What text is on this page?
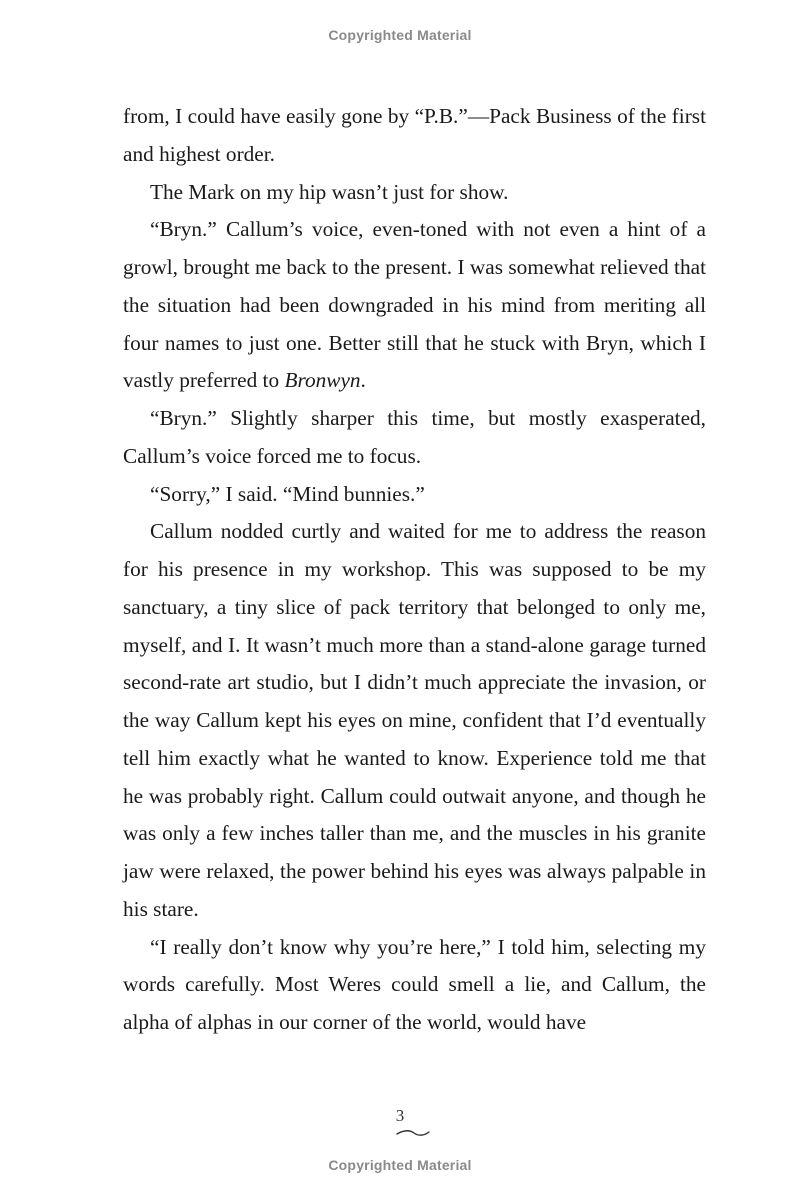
Copyrighted Material

from, I could have easily gone by “P.B.”—Pack Business of the first and highest order.

The Mark on my hip wasn’t just for show.

“Bryn.” Callum’s voice, even-toned with not even a hint of a growl, brought me back to the present. I was somewhat relieved that the situation had been downgraded in his mind from meriting all four names to just one. Better still that he stuck with Bryn, which I vastly preferred to Bronwyn.

“Bryn.” Slightly sharper this time, but mostly exasperated, Callum’s voice forced me to focus.

“Sorry,” I said. “Mind bunnies.”

Callum nodded curtly and waited for me to address the reason for his presence in my workshop. This was supposed to be my sanctuary, a tiny slice of pack territory that belonged to only me, myself, and I. It wasn’t much more than a stand-alone garage turned second-rate art studio, but I didn’t much appreciate the invasion, or the way Callum kept his eyes on mine, confident that I’d eventually tell him exactly what he wanted to know. Experience told me that he was probably right. Callum could outwait anyone, and though he was only a few inches taller than me, and the muscles in his granite jaw were relaxed, the power behind his eyes was always palpable in his stare.

“I really don’t know why you’re here,” I told him, selecting my words carefully. Most Weres could smell a lie, and Callum, the alpha of alphas in our corner of the world, would have

3
Copyrighted Material
